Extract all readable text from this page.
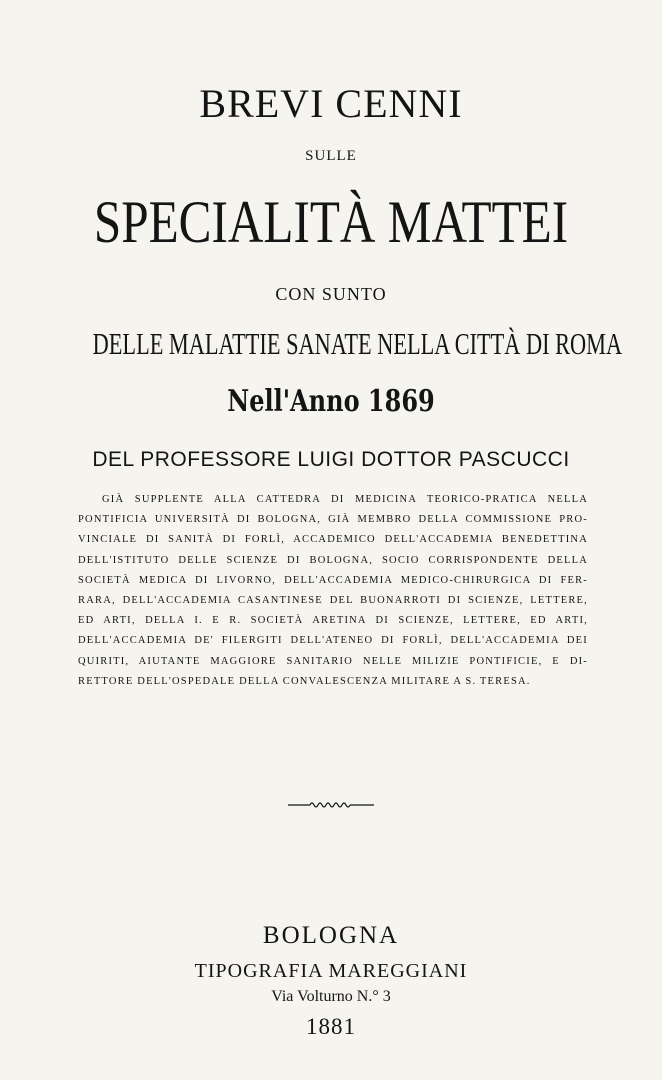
BREVI CENNI

SULLE

SPECIALITÀ MATTEI

CON SUNTO

DELLE MALATTIE SANATE NELLA CITTÀ DI ROMA

Nell'Anno 1869

DEL PROFESSORE LUIGI DOTTOR PASCUCCI

GIÀ SUPPLENTE ALLA CATTEDRA DI MEDICINA TEORICO-PRATICA NELLA
PONTIFICIA UNIVERSITÀ DI BOLOGNA, GIÀ MEMBRO DELLA COMMISSIONE PRO-
VINCIALE DI SANITÀ DI FORLÌ, ACCADEMICO DELL'ACCADEMIA BENEDETTINA
DELL'ISTITUTO DELLE SCIENZE DI BOLOGNA, SOCIO CORRISPONDENTE DELLA
SOCIETÀ MEDICA DI LIVORNO, DELL'ACCADEMIA MEDICO-CHIRURGICA DI FER-
RARA, DELL'ACCADEMIA CASANTINESE DEL BUONARROTI DI SCIENZE, LETTERE,
ED ARTI, DELLA I. E R. SOCIETÀ ARETINA DI SCIENZE, LETTERE, ED ARTI,
DELL'ACCADEMIA DE' FILERGITI DELL'ATENEO DI FORLÌ, DELL'ACCADEMIA DEI
QUIRITI, AIUTANTE MAGGIORE SANITARIO NELLE MILIZIE PONTIFICIE, E DI-
RETTORE DELL'OSPEDALE DELLA CONVALESCENZA MILITARE A S. TERESA.

BOLOGNA

TIPOGRAFIA MAREGGIANI

Via Volturno N.° 3

1881
